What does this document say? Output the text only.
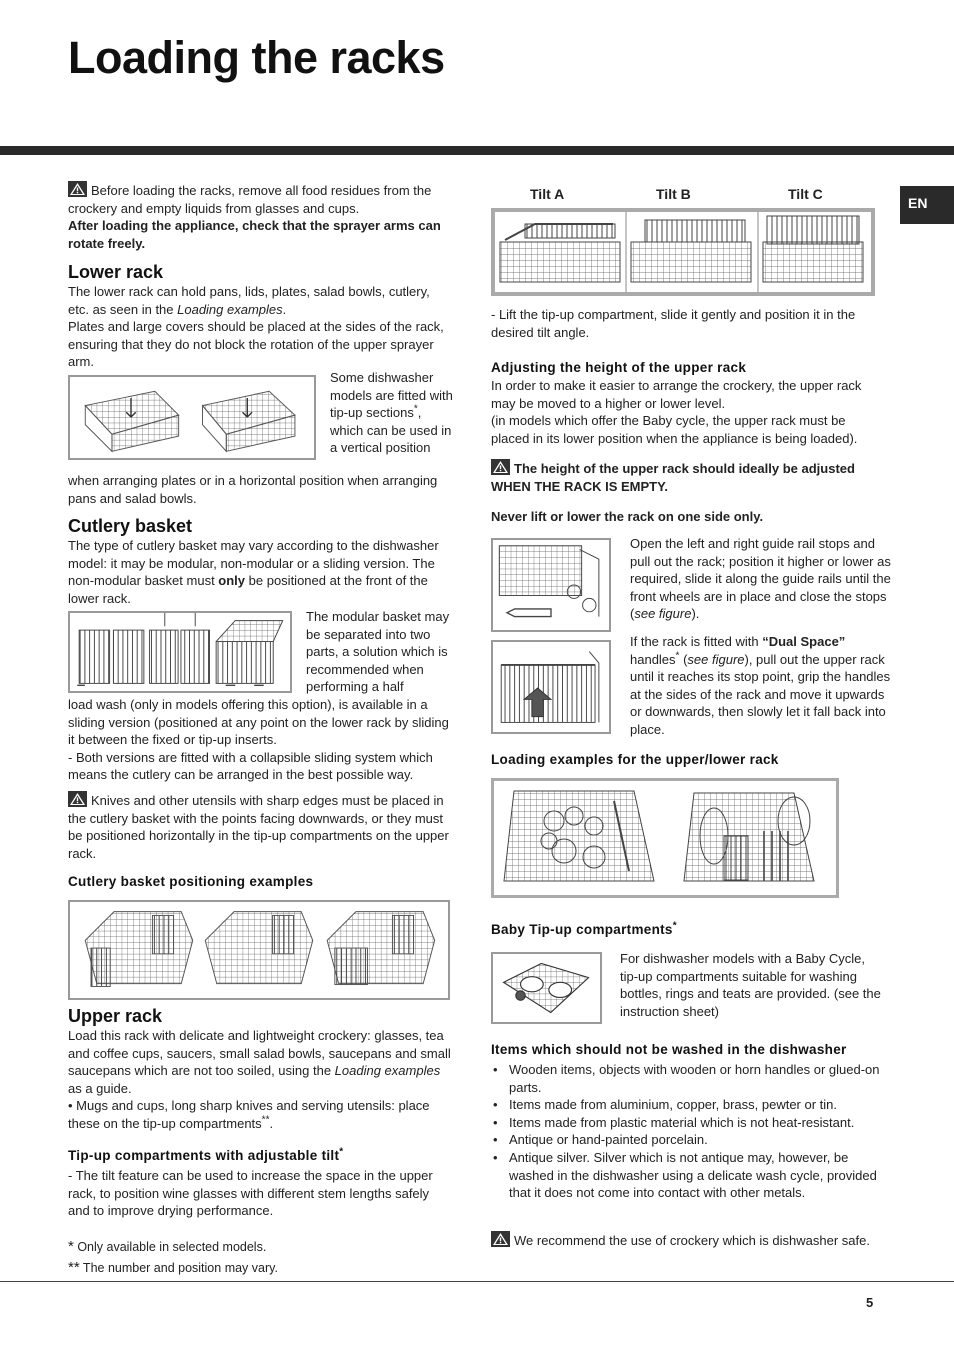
Loading the racks
EN

Before loading the racks, remove all food residues from the crockery and empty liquids from glasses and cups.

After loading the appliance, check that the sprayer arms can rotate freely.

Lower rack

The lower rack can hold pans, lids, plates, salad bowls, cutlery, etc. as seen in the Loading examples.

Plates and large covers should be placed at the sides of the rack, ensuring that they do not block the rotation of the upper sprayer arm.

Some dishwasher models are fitted with tip-up sections*, which can be used in a vertical position

when arranging plates or in a horizontal position when arranging pans and salad bowls.
Cutlery basket

The type of cutlery basket may vary according to the dishwasher model: it may be modular, non-modular or a sliding version. The non-modular basket must only be positioned at the front of the lower rack.

The modular basket may be separated into two parts, a solution which is recommended when performing a half

load wash (only in models offering this option), is available in a sliding version (positioned at any point on the lower rack by sliding it between the fixed or tip-up inserts.

- Both versions are fitted with a collapsible sliding system which means the cutlery can be arranged in the best possible way.

Knives and other utensils with sharp edges must be placed in the cutlery basket with the points facing downwards, or they must be positioned horizontally in the tip-up compartments on the upper rack.

Cutlery basket positioning examples
Upper rack

Load this rack with delicate and lightweight crockery: glasses, tea and coffee cups, saucers, small salad bowls, saucepans and small saucepans which are not too soiled, using the Loading examples as a guide.

• Mugs and cups, long sharp knives and serving utensils: place these on the tip-up compartments**.

Tip-up compartments with adjustable tilt*

- The tilt feature can be used to increase the space in the upper rack, to position wine glasses with different stem lengths safely and to improve drying performance.

* Only available in selected models.

** The number and position may vary.

Tilt A	Tilt B	Tilt C
- Lift the tip-up compartment, slide it gently and position it in the desired tilt angle.
Adjusting the height of the upper rack

In order to make it easier to arrange the crockery, the upper rack may be moved to a higher or lower level.

(in models which offer the Baby cycle, the upper rack must be placed in its lower position when the appliance is being loaded).

The height of the upper rack should ideally be adjusted WHEN THE RACK IS EMPTY.

Never lift or lower the rack on one side only.

Open the left and right guide rail stops and pull out the rack; position it higher or lower as required, slide it along the guide rails until the front wheels are in place and close the stops (see figure).

If the rack is fitted with “Dual Space” handles* (see figure), pull out the upper rack until it reaches its stop point, grip the handles at the sides of the rack and move it upwards or downwards, then slowly let it fall back into place.

Loading examples for the upper/lower rack
Baby Tip-up compartments*
For dishwasher models with a Baby Cycle, tip-up compartments suitable for washing bottles, rings and teats are provided. (see the instruction sheet)
Items which should not be washed in the dishwasher
• Wooden items, objects with wooden or horn handles or glued-on parts.
• Items made from aluminium, copper, brass, pewter or tin.
• Items made from plastic material which is not heat-resistant.
• Antique or hand-painted porcelain.
• Antique silver. Silver which is not antique may, however, be washed in the dishwasher using a delicate wash cycle, provided that it does not come into contact with other metals.

We recommend the use of crockery which is dishwasher safe.

5
